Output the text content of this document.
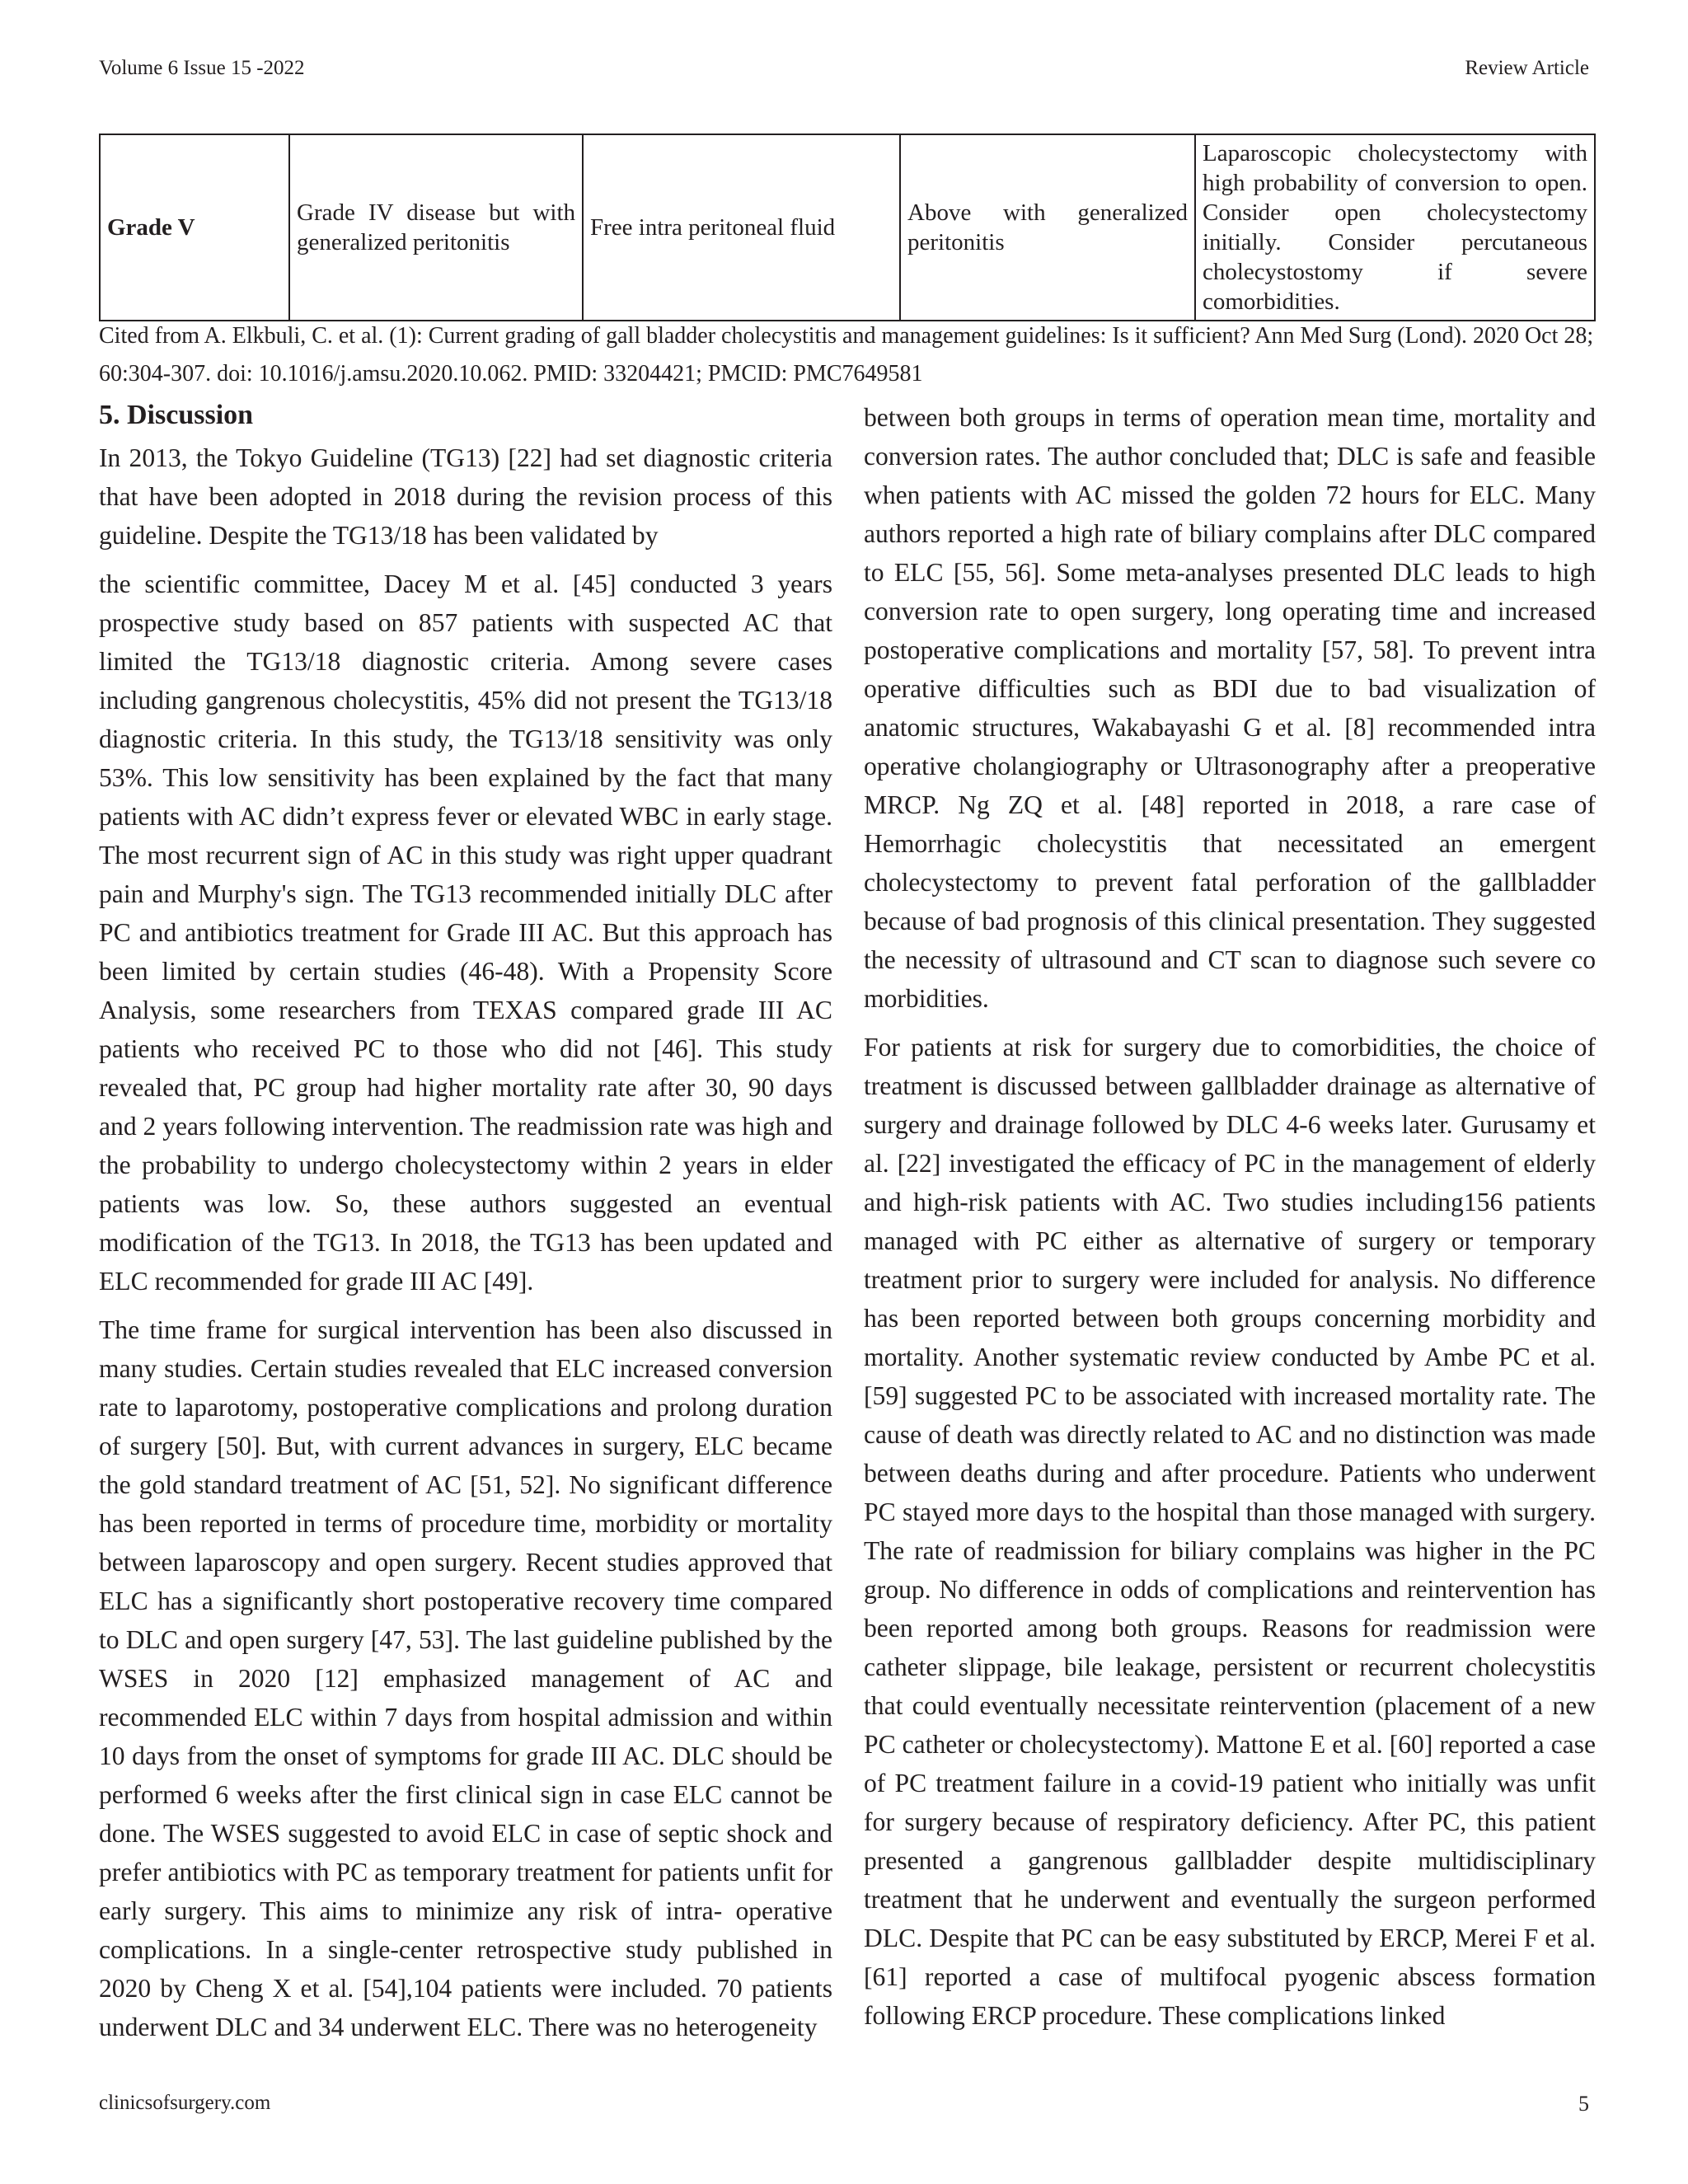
Volume 6 Issue 15 -2022	Review Article
Grade V	Grade IV disease but with generalized peritonitis	Free intra peritoneal fluid	Above with generalized peritonitis	Laparoscopic cholecystectomy with high probability of conversion to open. Consider open cholecystectomy initially. Consider percutaneous cholecystostomy if severe comorbidities.
Cited from A. Elkbuli, C. et al. (1): Current grading of gall bladder cholecystitis and management guidelines: Is it sufficient? Ann Med Surg (Lond). 2020 Oct 28; 60:304-307. doi: 10.1016/j.amsu.2020.10.062. PMID: 33204421; PMCID: PMC7649581
5. Discussion

In 2013, the Tokyo Guideline (TG13) [22] had set diagnostic criteria that have been adopted in 2018 during the revision process of this guideline. Despite the TG13/18 has been validated by

the scientific committee, Dacey M et al. [45] conducted 3 years prospective study based on 857 patients with suspected AC that limited the TG13/18 diagnostic criteria. Among severe cases including gangrenous cholecystitis, 45% did not present the TG13/18 diagnostic criteria. In this study, the TG13/18 sensitivity was only 53%. This low sensitivity has been explained by the fact that many patients with AC didn’t express fever or elevated WBC in early stage. The most recurrent sign of AC in this study was right upper quadrant pain and Murphy's sign. The TG13 recommended initially DLC after PC and antibiotics treatment for Grade III AC. But this approach has been limited by certain studies (46-48). With a Propensity Score Analysis, some researchers from TEXAS compared grade III AC patients who received PC to those who did not [46]. This study revealed that, PC group had higher mortality rate after 30, 90 days and 2 years following intervention. The readmission rate was high and the probability to undergo cholecystectomy within 2 years in elder patients was low. So, these authors suggested an eventual modification of the TG13. In 2018, the TG13 has been updated and ELC recommended for grade III AC [49].

The time frame for surgical intervention has been also discussed in many studies. Certain studies revealed that ELC increased conversion rate to laparotomy, postoperative complications and prolong duration of surgery [50]. But, with current advances in surgery, ELC became the gold standard treatment of AC [51, 52]. No significant difference has been reported in terms of procedure time, morbidity or mortality between laparoscopy and open surgery. Recent studies approved that ELC has a significantly short postoperative recovery time compared to DLC and open surgery [47, 53]. The last guideline published by the WSES in 2020 [12] emphasized management of AC and recommended ELC within 7 days from hospital admission and within 10 days from the onset of symptoms for grade III AC. DLC should be performed 6 weeks after the first clinical sign in case ELC cannot be done. The WSES suggested to avoid ELC in case of septic shock and prefer antibiotics with PC as temporary treatment for patients unfit for early surgery. This aims to minimize any risk of intra- operative complications. In a single-center retrospective study published in 2020 by Cheng X et al. [54],104 patients were included. 70 patients underwent DLC and 34 underwent ELC. There was no heterogeneity

between both groups in terms of operation mean time, mortality and conversion rates. The author concluded that; DLC is safe and feasible when patients with AC missed the golden 72 hours for ELC. Many authors reported a high rate of biliary complains after DLC compared to ELC [55, 56]. Some meta-analyses presented DLC leads to high conversion rate to open surgery, long operating time and increased postoperative complications and mortality [57, 58]. To prevent intra operative difficulties such as BDI due to bad visualization of anatomic structures, Wakabayashi G et al. [8] recommended intra operative cholangiography or Ultrasonography after a preoperative MRCP. Ng ZQ et al. [48] reported in 2018, a rare case of Hemorrhagic cholecystitis that necessitated an emergent cholecystectomy to prevent fatal perforation of the gallbladder because of bad prognosis of this clinical presentation. They suggested the necessity of ultrasound and CT scan to diagnose such severe co morbidities.

For patients at risk for surgery due to comorbidities, the choice of treatment is discussed between gallbladder drainage as alternative of surgery and drainage followed by DLC 4-6 weeks later. Gurusamy et al. [22] investigated the efficacy of PC in the management of elderly and high-risk patients with AC. Two studies including156 patients managed with PC either as alternative of surgery or temporary treatment prior to surgery were included for analysis. No difference has been reported between both groups concerning morbidity and mortality. Another systematic review conducted by Ambe PC et al. [59] suggested PC to be associated with increased mortality rate. The cause of death was directly related to AC and no distinction was made between deaths during and after procedure. Patients who underwent PC stayed more days to the hospital than those managed with surgery. The rate of readmission for biliary complains was higher in the PC group. No difference in odds of complications and reintervention has been reported among both groups. Reasons for readmission were catheter slippage, bile leakage, persistent or recurrent cholecystitis that could eventually necessitate reintervention (placement of a new PC catheter or cholecystectomy). Mattone E et al. [60] reported a case of PC treatment failure in a covid-19 patient who initially was unfit for surgery because of respiratory deficiency. After PC, this patient presented a gangrenous gallbladder despite multidisciplinary treatment that he underwent and eventually the surgeon performed DLC. Despite that PC can be easy substituted by ERCP, Merei F et al. [61] reported a case of multifocal pyogenic abscess formation following ERCP procedure. These complications linked

clinicsofsurgery.com	5
